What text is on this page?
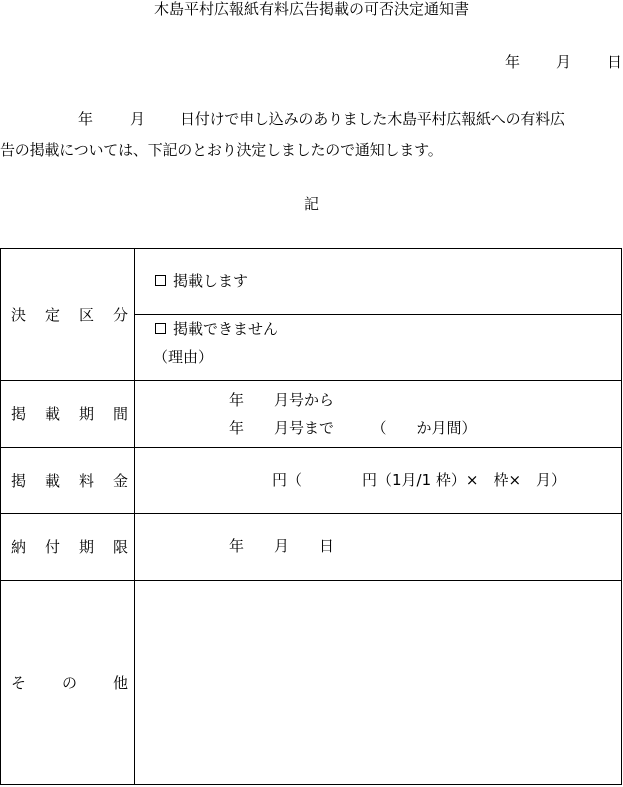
木島平村広報紙有料広告掲載の可否決定通知書
年 月 日
年 月 日付けで申し込みのありました木島平村広報紙への有料広
告の掲載については、下記のとおり決定しましたので通知します。
記
決 定 区 分
掲載します
掲載できません
（理由）
掲 載 期 間
年　　月号から
年　　月号まで　　　（　　か月間）
掲 載 料 金	円（　　　　円（1月/1 枠）×　枠×　月）
納 付 期 限	年　　月　　日
そ の 他
